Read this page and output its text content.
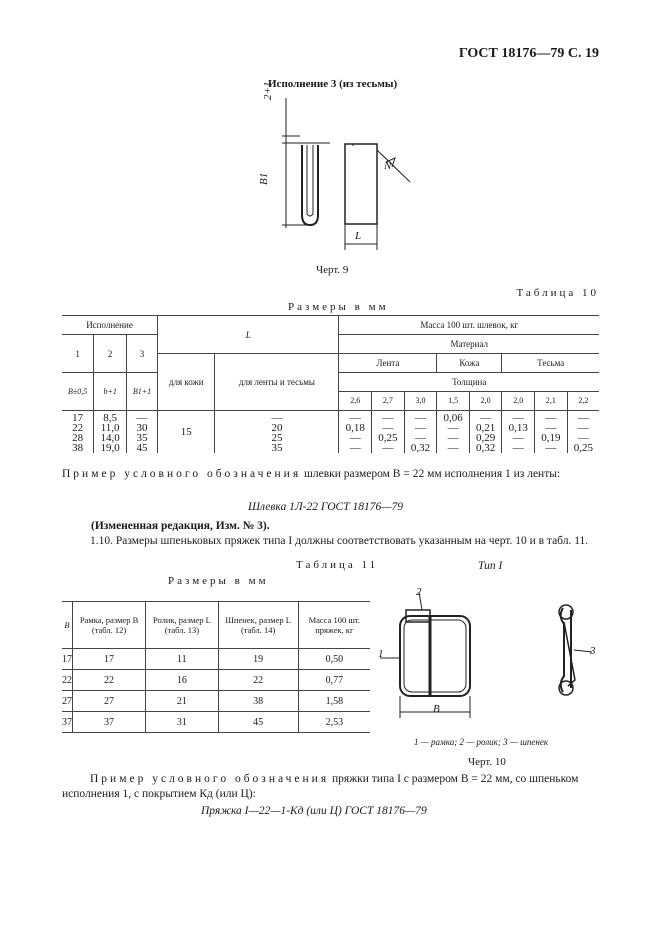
ГОСТ 18176—79 С. 19
Исполнение 3 (из тесьмы)
2+1
B1
N
L
Черт. 9
Таблица 10
Размеры в мм
Исполнение			L		Масса 100 шт. шлевок, кг							
1	2	3			Материал							
			для кожи	для ленты и тесьмы	Лента			Кожа		Тесьма		
B±0,5	b+1	B1+1			Толщина							
					2,6	2,7	3,0	1,5	2,0	2,0	2,1	2,2
17	8,5	—	15	—	—	—	—	0,06	—	—	—	—
22	11,0	30		20	0,18	—	—	—	0,21	0,13	—	—
28	14,0	35		25	—	0,25	—	—	0,29	—	0,19	—
38	19,0	45		35	—	—	0,32	—	0,32	—	—	0,25
Пример условного обозначения шлевки размером B = 22 мм исполнения 1 из ленты:
Шлевка 1Л-22 ГОСТ 18176—79
(Измененная редакция, Изм. № 3).
1.10. Размеры шпеньковых пряжек типа I должны соответствовать указанным на черт. 10 и в табл. 11.
Таблица 11
Размеры в мм
Тип I
B	Рамка, размер B (табл. 12)	Ролик, размер L (табл. 13)	Шпенек, размер L (табл. 14)	Масса 100 шт. пряжек, кг
17	17	11	19	0,50
22	22	16	22	0,77
27	27	21	38	1,58
37	37	31	45	2,53
2
1	3
B
1 — рамка; 2 — ролик; 3 — шпенек
Черт. 10
Пример условного обозначения пряжки типа I с размером B = 22 мм, со шпеньком исполнения 1, с покрытием Кд (или Ц):
Пряжка I—22—1-Кд (или Ц) ГОСТ 18176—79
